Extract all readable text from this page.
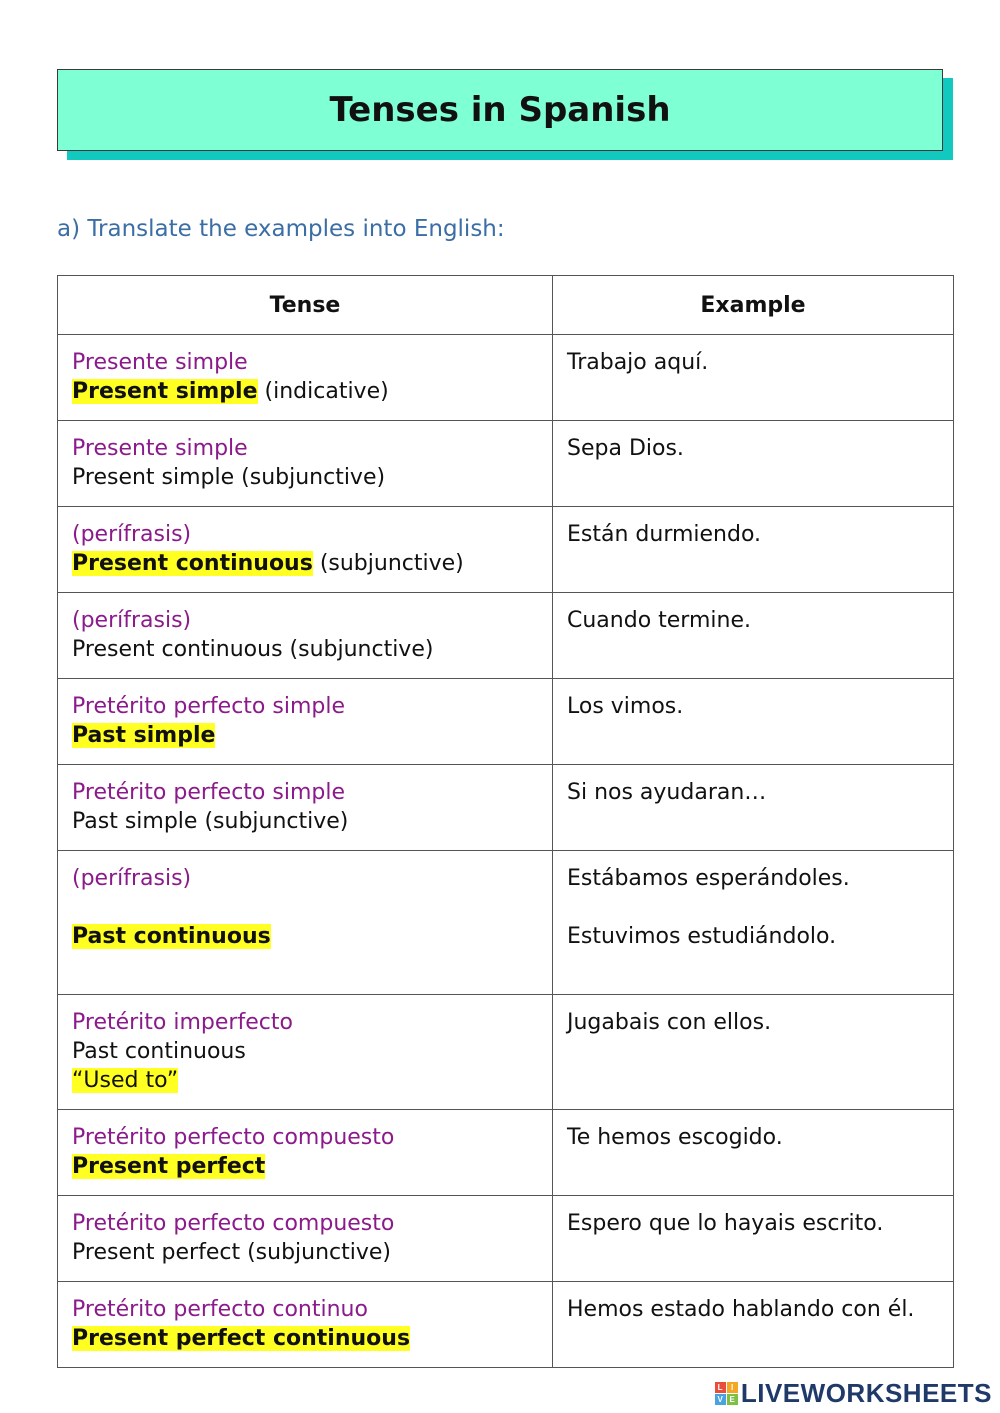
Tenses in Spanish
a) Translate the examples into English:
Tense	Example

Presente simple
Present simple (indicative)	Trabajo aquí.

Presente simple
Present simple (subjunctive)	Sepa Dios.

(perífrasis)
Present continuous (subjunctive)	Están durmiendo.

(perífrasis)
Present continuous (subjunctive)	Cuando termine.

Pretérito perfecto simple
Past simple	Los vimos.

Pretérito perfecto simple
Past simple (subjunctive)	Si nos ayudaran…

(perífrasis)
Past continuous	Estábamos esperándoles.
Estuvimos estudiándolo.

Pretérito imperfecto
Past continuous
“Used to”	Jugabais con ellos.

Pretérito perfecto compuesto
Present perfect	Te hemos escogido.

Pretérito perfecto compuesto
Present perfect (subjunctive)	Espero que lo hayais escrito.

Pretérito perfecto continuo
Present perfect continuous	Hemos estado hablando con él.
L I
V E LIVEWORKSHEETS
